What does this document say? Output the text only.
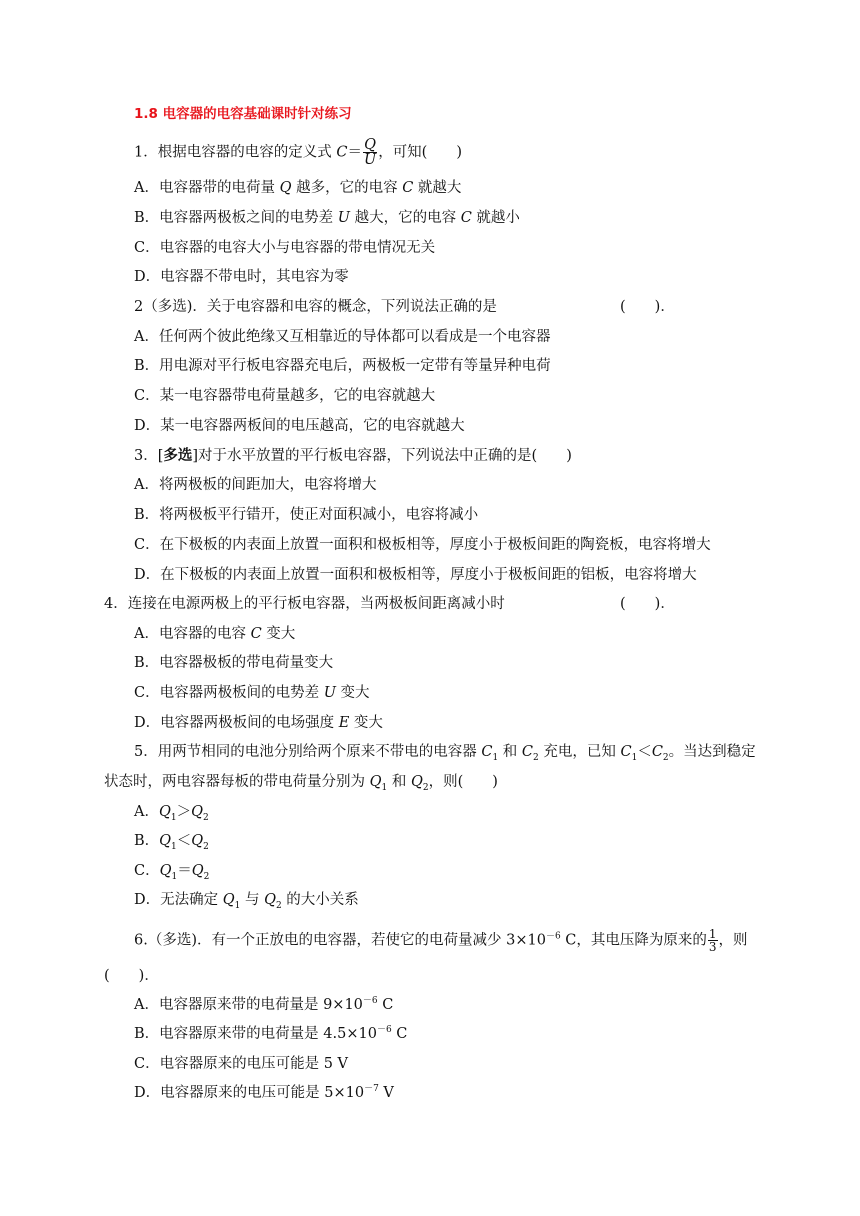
1.8 电容器的电容基础课时针对练习
1．根据电容器的电容的定义式 $C= \frac{Q}{U}$ ，可知(　　)
A．电容器带的电荷量 Q 越多，它的电容 C 就越大
B．电容器两极板之间的电势差 U 越大，它的电容 C 就越小
C．电容器的电容大小与电容器的带电情况无关
D．电容器不带电时，其电容为零
2（多选)．关于电容器和电容的概念，下列说法正确的是	(　　)．
A．任何两个彼此绝缘又互相靠近的导体都可以看成是一个电容器
B．用电源对平行板电容器充电后，两极板一定带有等量异种电荷
C．某一电容器带电荷量越多，它的电容就越大
D．某一电容器两板间的电压越高，它的电容就越大
3．[多选]对于水平放置的平行板电容器，下列说法中正确的是(　　)
A．将两极板的间距加大，电容将增大
B．将两极板平行错开，使正对面积减小，电容将减小
C．在下极板的内表面上放置一面积和极板相等，厚度小于极板间距的陶瓷板，电容将增大
D．在下极板的内表面上放置一面积和极板相等，厚度小于极板间距的铝板，电容将增大
4．连接在电源两极上的平行板电容器，当两极板间距离减小时	(　　)．
A．电容器的电容 C 变大
B．电容器极板的带电荷量变大
C．电容器两极板间的电势差 U 变大
D．电容器两极板间的电场强度 E 变大
5．用两节相同的电池分别给两个原来不带电的电容器 $C_1$ 和 $C_2$ 充电，已知 $C_1<C_2$。当达到稳定
状态时，两电容器每板的带电荷量分别为 $Q_1$ 和 $Q_2$，则(　　)
A．$Q_1>Q_2$
B．$Q_1<Q_2$
C．$Q_1=Q_2$
D．无法确定 $Q_1$ 与 $Q_2$ 的大小关系
6.（多选)．有一个正放电的电容器，若使它的电荷量减少 $3\times 10^{-6}$ C，其电压降为原来的 $\frac{1}{3}$ ，则
(　　)．
A．电容器原来带的电荷量是 $9\times 10^{-6}$ C
B．电容器原来带的电荷量是 $4.5\times 10^{-6}$ C
C．电容器原来的电压可能是 5 V
D．电容器原来的电压可能是 $5\times 10^{-7}$ V
